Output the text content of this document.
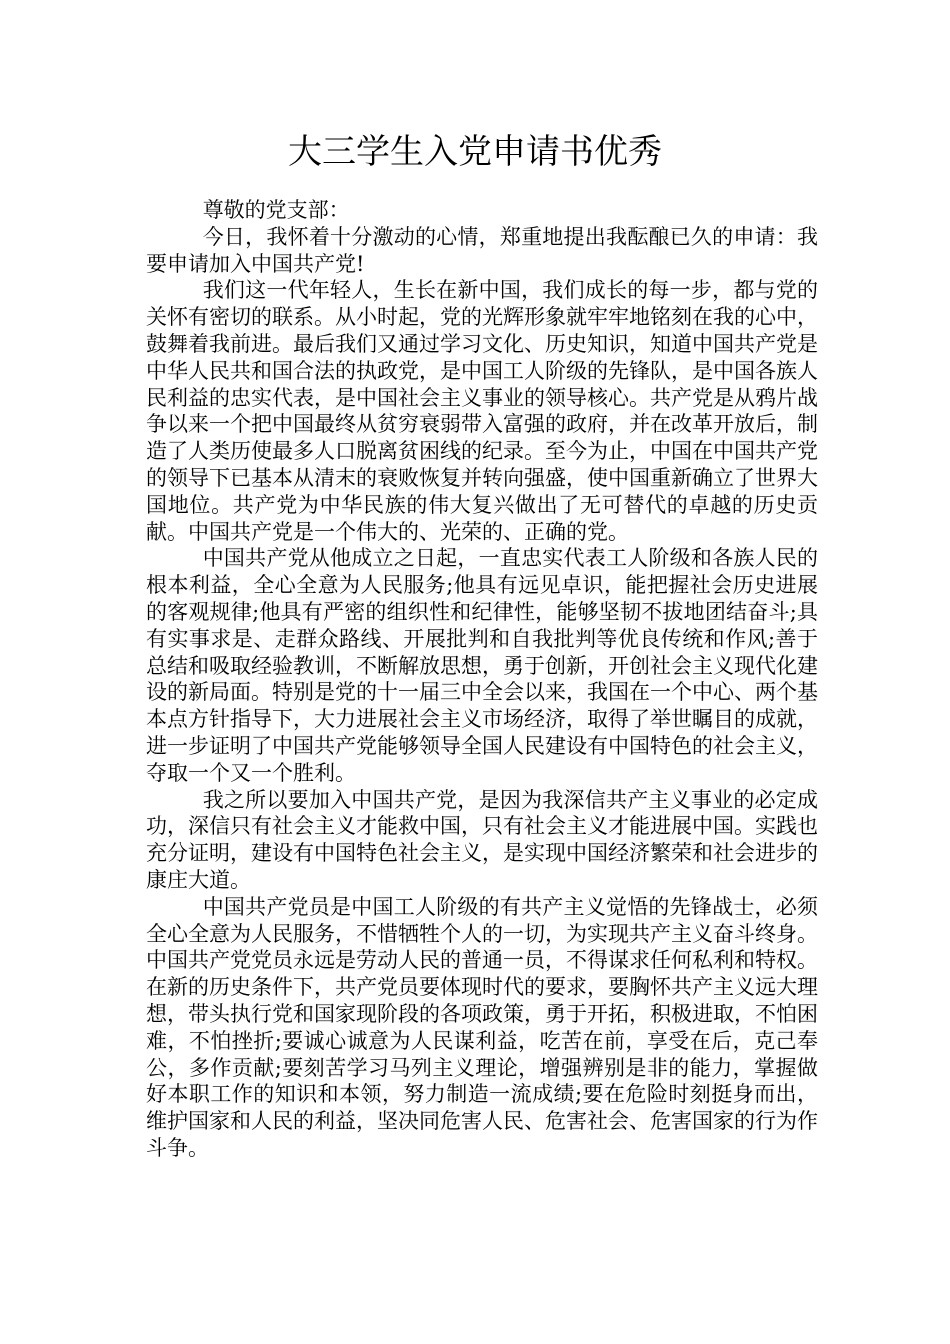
大三学生入党申请书优秀

尊敬的党支部：

今日，我怀着十分激动的心情，郑重地提出我酝酿已久的申请：我要申请加入中国共产党!

我们这一代年轻人，生长在新中国，我们成长的每一步，都与党的关怀有密切的联系。从小时起，党的光辉形象就牢牢地铭刻在我的心中，鼓舞着我前进。最后我们又通过学习文化、历史知识，知道中国共产党是中华人民共和国合法的执政党，是中国工人阶级的先锋队，是中国各族人民利益的忠实代表，是中国社会主义事业的领导核心。共产党是从鸦片战争以来一个把中国最终从贫穷衰弱带入富强的政府，并在改革开放后，制造了人类历使最多人口脱离贫困线的纪录。至今为止，中国在中国共产党的领导下已基本从清末的衰败恢复并转向强盛，使中国重新确立了世界大国地位。共产党为中华民族的伟大复兴做出了无可替代的卓越的历史贡献。中国共产党是一个伟大的、光荣的、正确的党。

中国共产党从他成立之日起，一直忠实代表工人阶级和各族人民的根本利益，全心全意为人民服务;他具有远见卓识，能把握社会历史进展的客观规律;他具有严密的组织性和纪律性，能够坚韧不拔地团结奋斗;具有实事求是、走群众路线、开展批判和自我批判等优良传统和作风;善于总结和吸取经验教训，不断解放思想，勇于创新，开创社会主义现代化建设的新局面。特别是党的十一届三中全会以来，我国在一个中心、两个基本点方针指导下，大力进展社会主义市场经济，取得了举世瞩目的成就，进一步证明了中国共产党能够领导全国人民建设有中国特色的社会主义，夺取一个又一个胜利。

我之所以要加入中国共产党，是因为我深信共产主义事业的必定成功，深信只有社会主义才能救中国，只有社会主义才能进展中国。实践也充分证明，建设有中国特色社会主义，是实现中国经济繁荣和社会进步的康庄大道。

中国共产党员是中国工人阶级的有共产主义觉悟的先锋战士，必须全心全意为人民服务，不惜牺牲个人的一切，为实现共产主义奋斗终身。中国共产党党员永远是劳动人民的普通一员，不得谋求任何私利和特权。在新的历史条件下，共产党员要体现时代的要求，要胸怀共产主义远大理想，带头执行党和国家现阶段的各项政策，勇于开拓，积极进取，不怕困难，不怕挫折;要诚心诚意为人民谋利益，吃苦在前，享受在后，克己奉公，多作贡献;要刻苦学习马列主义理论，增强辨别是非的能力，掌握做好本职工作的知识和本领，努力制造一流成绩;要在危险时刻挺身而出，维护国家和人民的利益，坚决同危害人民、危害社会、危害国家的行为作斗争。
